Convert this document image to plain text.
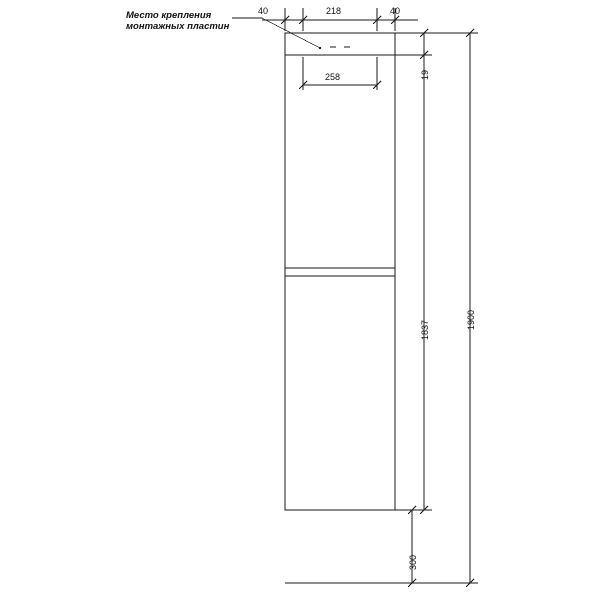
Место крепления
монтажных пластин
40	218	40
258	19
1837	1900
300
